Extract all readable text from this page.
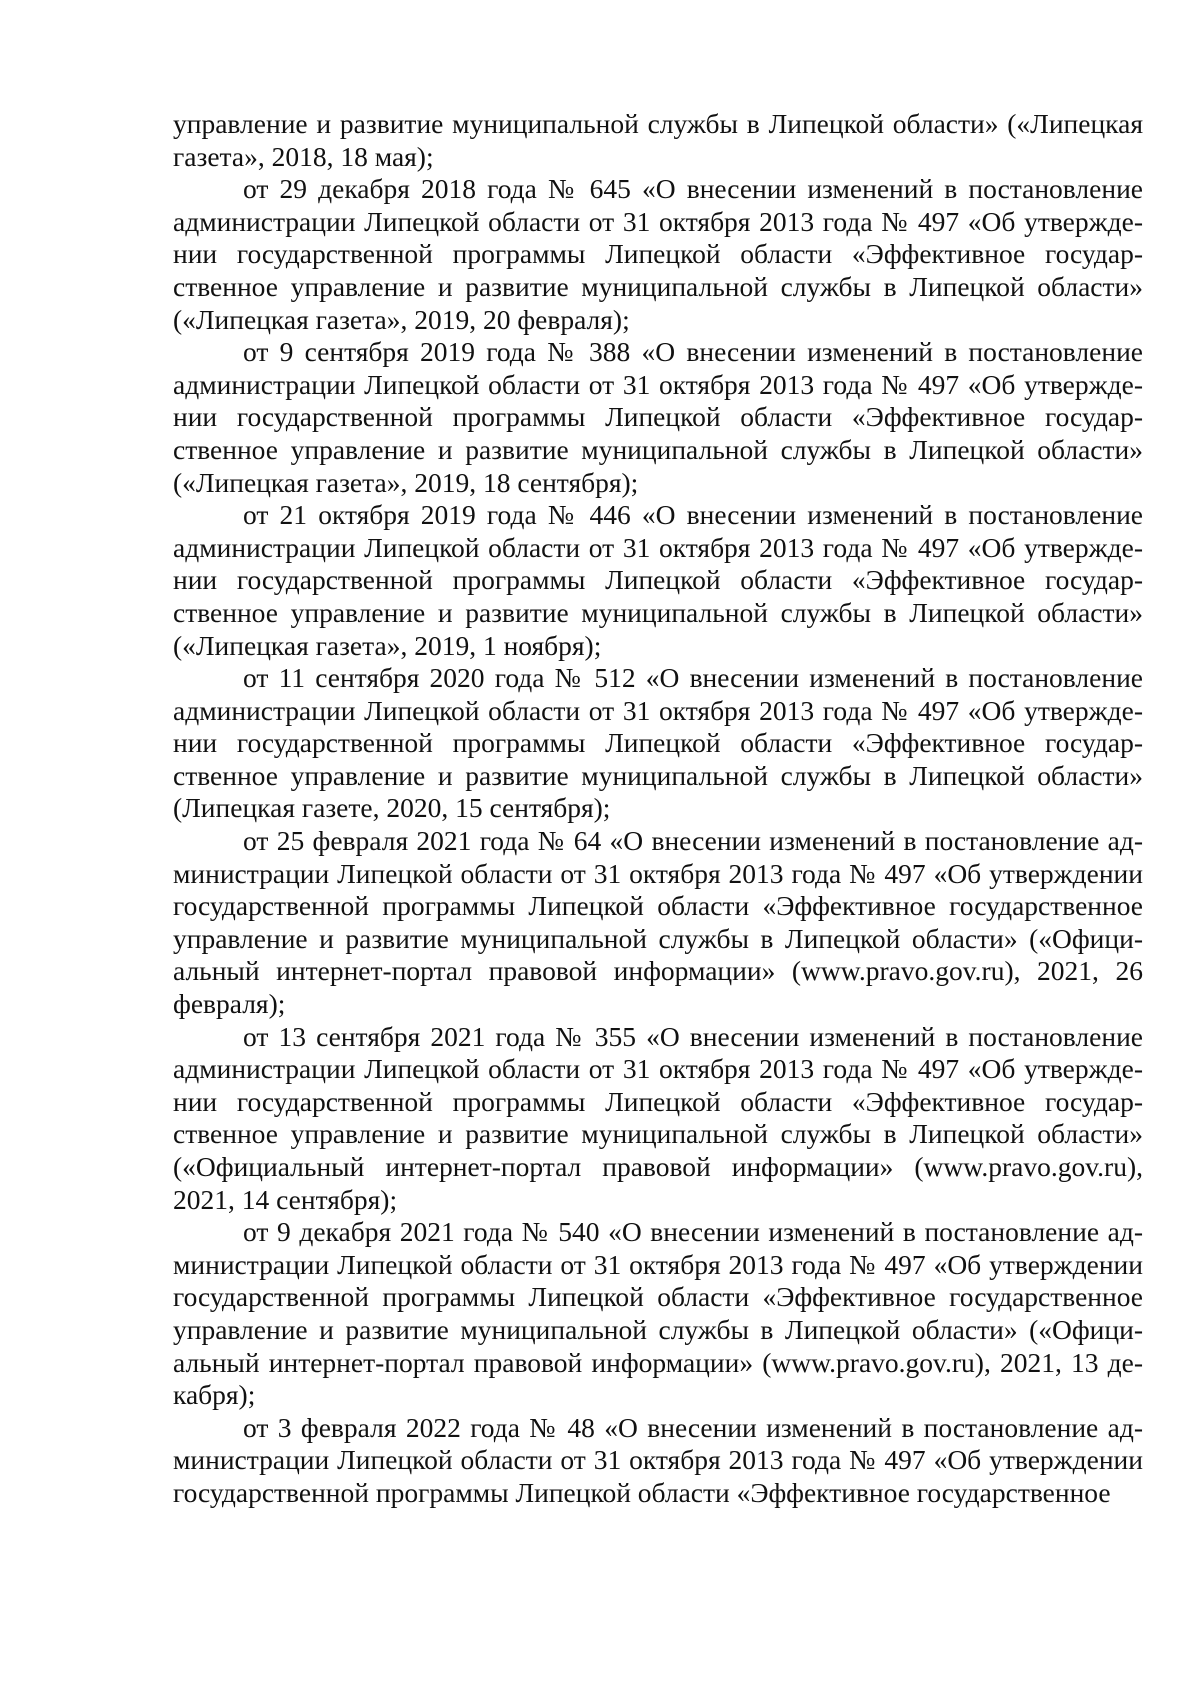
управление и развитие муниципальной службы в Липецкой области» («Липецкая газета», 2018, 18 мая);

от 29 декабря 2018 года № 645 «О внесении изменений в постановление администрации Липецкой области от 31 октября 2013 года № 497 «Об утверждении государственной программы Липецкой области «Эффективное государственное управление и развитие муниципальной службы в Липецкой области» («Липецкая газета», 2019, 20 февраля);

от 9 сентября 2019 года № 388 «О внесении изменений в постановление администрации Липецкой области от 31 октября 2013 года № 497 «Об утверждении государственной программы Липецкой области «Эффективное государственное управление и развитие муниципальной службы в Липецкой области» («Липецкая газета», 2019, 18 сентября);

от 21 октября 2019 года № 446 «О внесении изменений в постановление администрации Липецкой области от 31 октября 2013 года № 497 «Об утверждении государственной программы Липецкой области «Эффективное государственное управление и развитие муниципальной службы в Липецкой области» («Липецкая газета», 2019, 1 ноября);

от 11 сентября 2020 года № 512 «О внесении изменений в постановление администрации Липецкой области от 31 октября 2013 года № 497 «Об утверждении государственной программы Липецкой области «Эффективное государственное управление и развитие муниципальной службы в Липецкой области» (Липецкая газете, 2020, 15 сентября);

от 25 февраля 2021 года № 64 «О внесении изменений в постановление администрации Липецкой области от 31 октября 2013 года № 497 «Об утверждении государственной программы Липецкой области «Эффективное государственное управление и развитие муниципальной службы в Липецкой области» («Официальный интернет-портал правовой информации» (www.pravo.gov.ru), 2021, 26 февраля);

от 13 сентября 2021 года № 355 «О внесении изменений в постановление администрации Липецкой области от 31 октября 2013 года № 497 «Об утверждении государственной программы Липецкой области «Эффективное государственное управление и развитие муниципальной службы в Липецкой области» («Официальный интернет-портал правовой информации» (www.pravo.gov.ru), 2021, 14 сентября);

от 9 декабря 2021 года № 540 «О внесении изменений в постановление администрации Липецкой области от 31 октября 2013 года № 497 «Об утверждении государственной программы Липецкой области «Эффективное государственное управление и развитие муниципальной службы в Липецкой области» («Официальный интернет-портал правовой информации» (www.pravo.gov.ru), 2021, 13 декабря);

от 3 февраля 2022 года № 48 «О внесении изменений в постановление администрации Липецкой области от 31 октября 2013 года № 497 «Об утверждении государственной программы Липецкой области «Эффективное государственное
